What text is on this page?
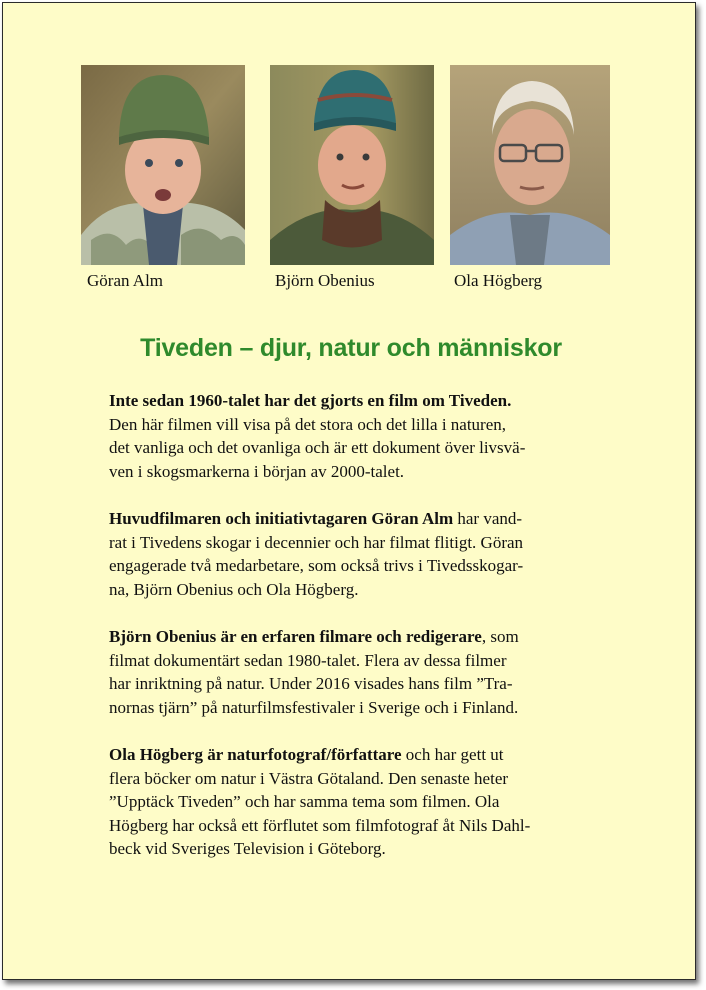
Göran Alm	Björn Obenius	Ola Högberg
Tiveden – djur, natur och människor

Inte sedan 1960-talet har det gjorts en film om Tiveden.
Den här filmen vill visa på det stora och det lilla i naturen,
det vanliga och det ovanliga och är ett dokument över livsvä-
ven i skogsmarkerna i början av 2000-talet.

Huvudfilmaren och initiativtagaren Göran Alm har vand-
rat i Tivedens skogar i decennier och har filmat flitigt. Göran
engagerade två medarbetare, som också trivs i Tivedsskogar-
na, Björn Obenius och Ola Högberg.

Björn Obenius är en erfaren filmare och redigerare, som
filmat dokumentärt sedan 1980-talet. Flera av dessa filmer
har inriktning på natur. Under 2016 visades hans film ”Tra-
nornas tjärn” på naturfilmsfestivaler i Sverige och i Finland.

Ola Högberg är naturfotograf/författare och har gett ut
flera böcker om natur i Västra Götaland. Den senaste heter
”Upptäck Tiveden” och har samma tema som filmen. Ola
Högberg har också ett förflutet som filmfotograf åt Nils Dahl-
beck vid Sveriges Television i Göteborg.
